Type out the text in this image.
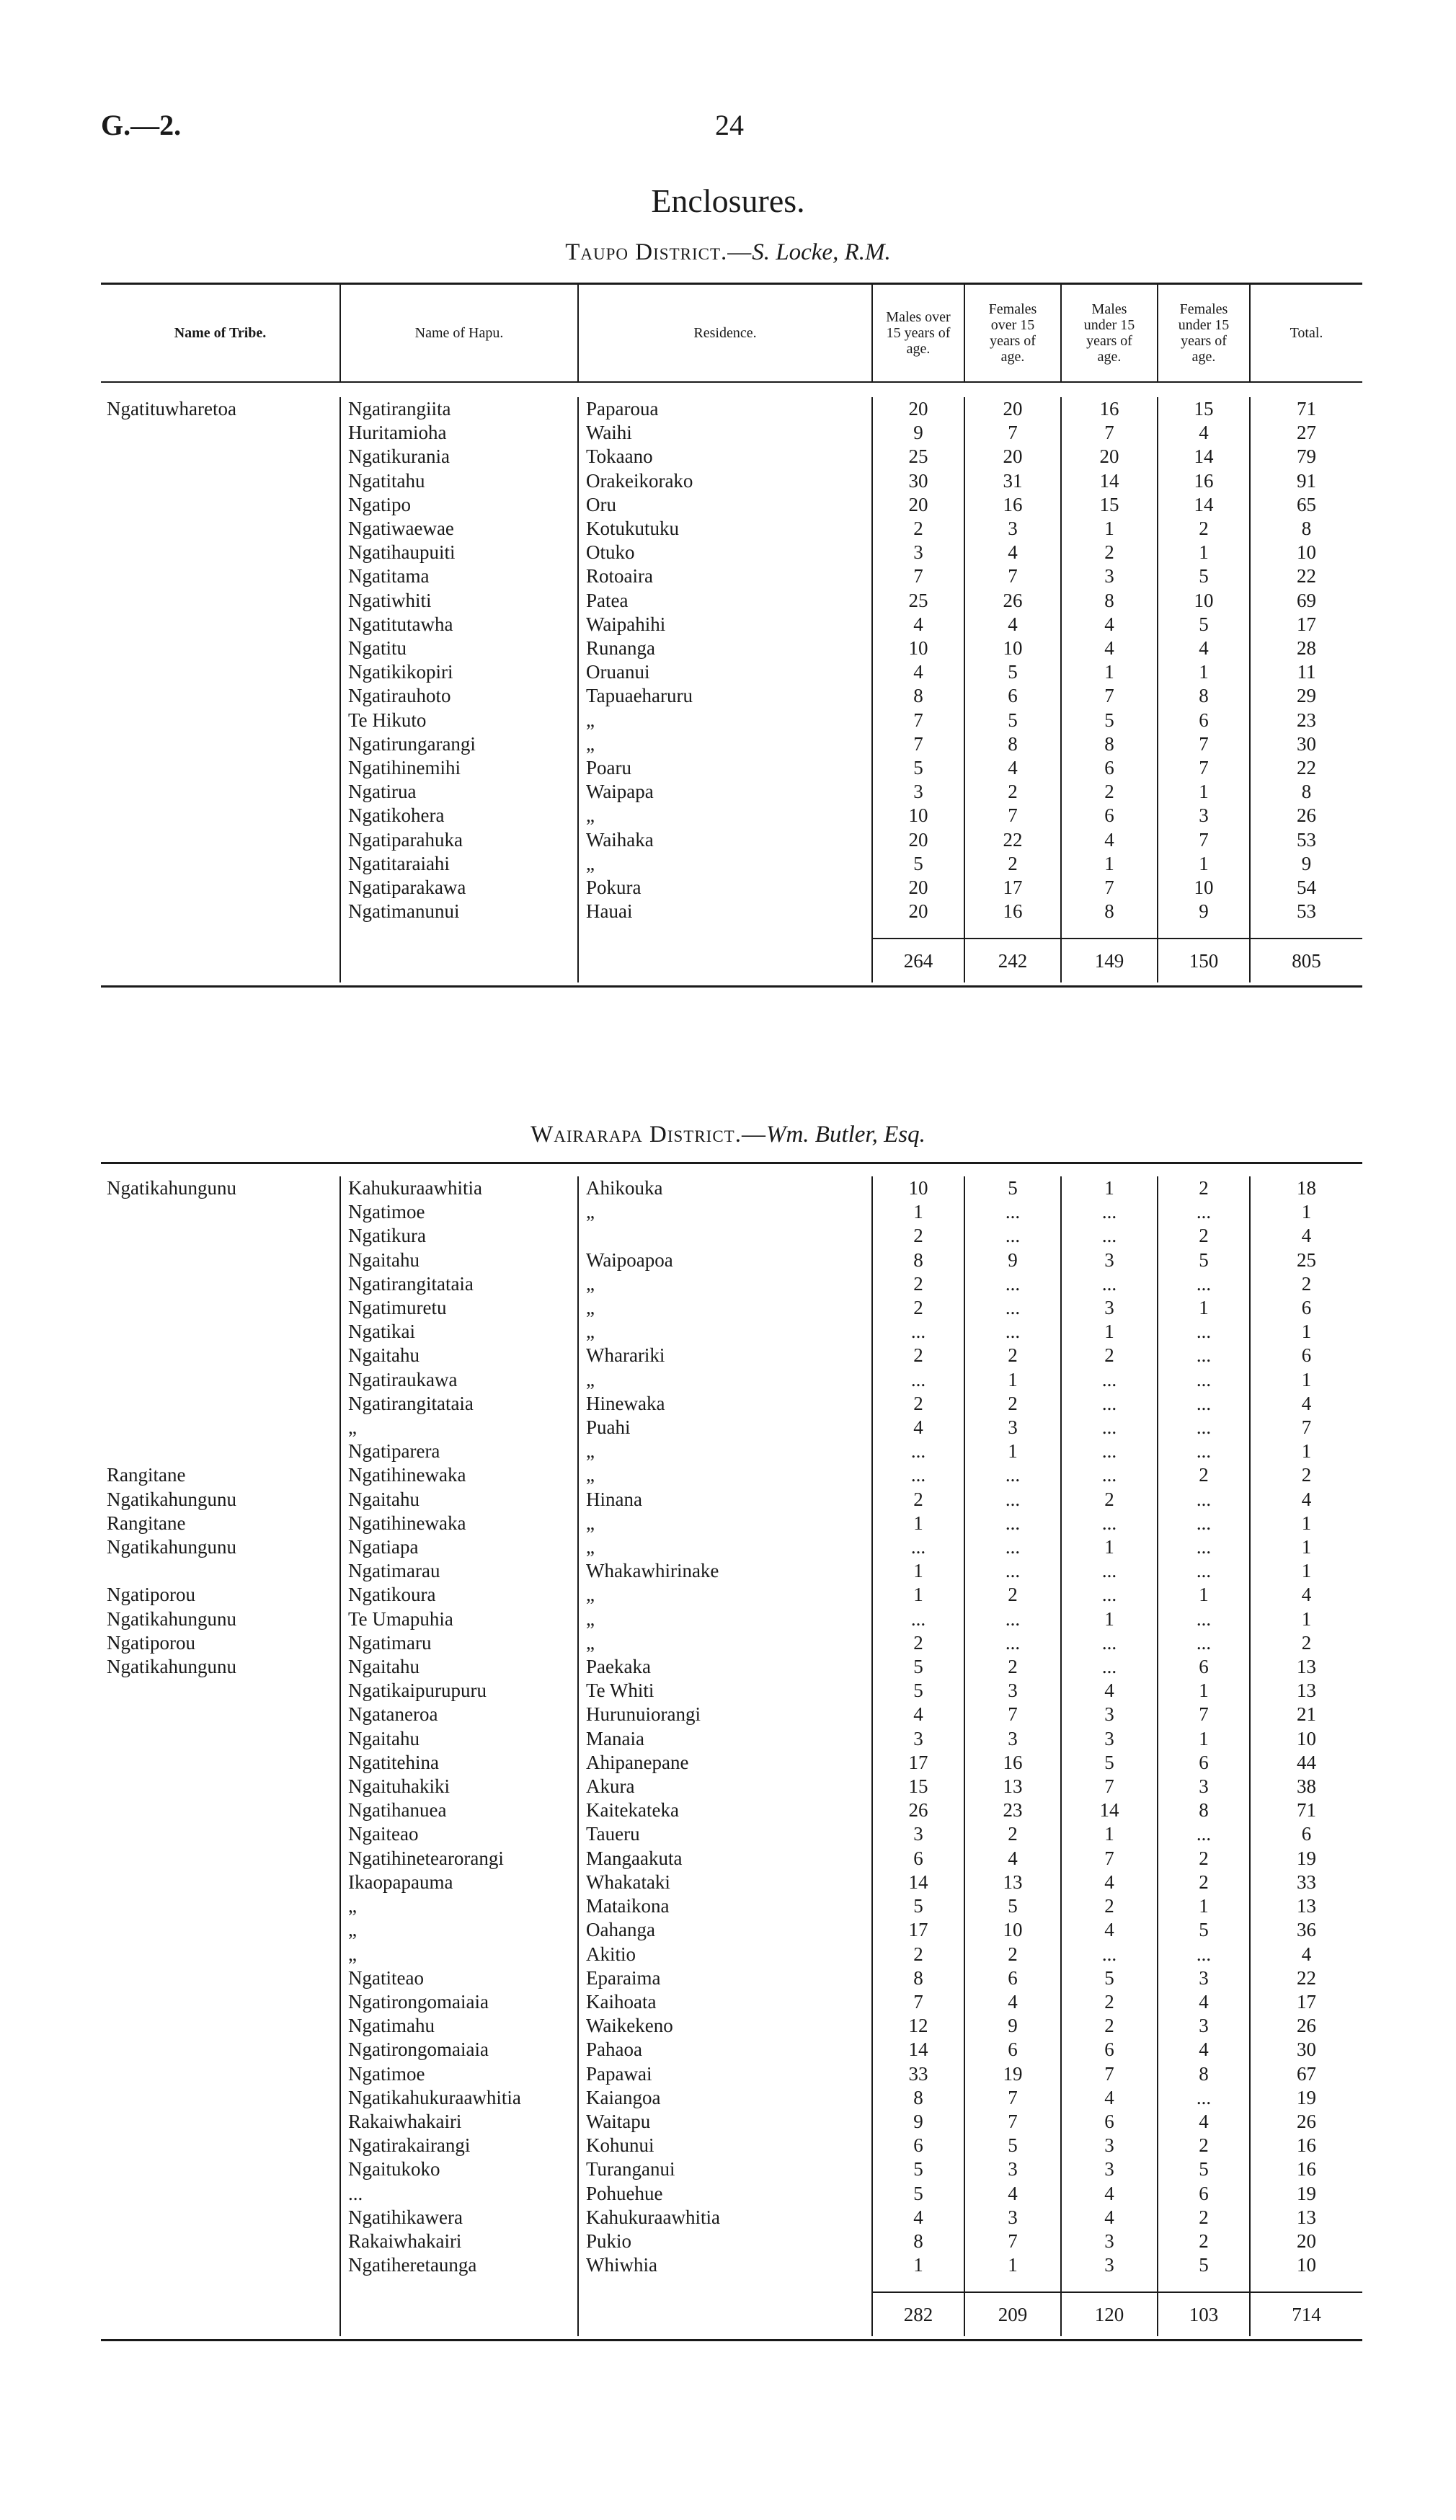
G.—2.	24
Enclosures.
Taupo District.—S. Locke, R.M.
Name of Tribe.	Name of Hapu.	Residence.	Males over 15 years of age.	Females over 15 years of age.	Males under 15 years of age.	Females under 15 years of age.	Total.

Ngatituwharetoa	Ngatirangiita	Paparoua	20	20	16	15	71
	Huritamioha	Waihi	9	7	7	4	27
	Ngatikurania	Tokaano	25	20	20	14	79
	Ngatitahu	Orakeikorako	30	31	14	16	91
	Ngatipo	Oru	20	16	15	14	65
	Ngatiwaewae	Kotukutuku	2	3	1	2	8
	Ngatihaupuiti	Otuko	3	4	2	1	10
	Ngatitama	Rotoaira	7	7	3	5	22
	Ngatiwhiti	Patea	25	26	8	10	69
	Ngatitutawha	Waipahihi	4	4	4	5	17
	Ngatitu	Runanga	10	10	4	4	28
	Ngatikikopiri	Oruanui	4	5	1	1	11
	Ngatirauhoto	Tapuaeharuru	8	6	7	8	29
	Te Hikuto	„	7	5	5	6	23
	Ngatirungarangi	„	7	8	8	7	30
	Ngatihinemihi	Poaru	5	4	6	7	22
	Ngatirua	Waipapa	3	2	2	1	8
	Ngatikohera	„	10	7	6	3	26
	Ngatiparahuka	Waihaka	20	22	4	7	53
	Ngatitaraiahi	„	5	2	1	1	9
	Ngatiparakawa	Pokura	20	17	7	10	54
	Ngatimanunui	Hauai	20	16	8	9	53

			264	242	149	150	805
Wairarapa District.—Wm. Butler, Esq.
Ngatikahungunu	Kahukuraawhitia	Ahikouka	10	5	1	2	18
	Ngatimoe	„	1	...	...	...	1
	Ngatikura		2	...	...	2	4
	Ngaitahu	Waipoapoa	8	9	3	5	25
	Ngatirangitataia	„	2	...	...	...	2
	Ngatimuretu	„	2	...	3	1	6
	Ngatikai	„	...	...	1	...	1
	Ngaitahu	Wharariki	2	2	2	...	6
	Ngatiraukawa	„	...	1	...	...	1
	Ngatirangitataia	Hinewaka	2	2	...	...	4
	„	Puahi	4	3	...	...	7
	Ngatiparera	„	...	1	...	...	1
Rangitane	Ngatihinewaka	„	...	...	...	2	2
Ngatikahungunu	Ngaitahu	Hinana	2	...	2	...	4
Rangitane	Ngatihinewaka	„	1	...	...	...	1
Ngatikahungunu	Ngatiapa	„	...	...	1	...	1
	Ngatimarau	Whakawhirinake	1	...	...	...	1
Ngatiporou	Ngatikoura	„	1	2	...	1	4
Ngatikahungunu	Te Umapuhia	„	...	...	1	...	1
Ngatiporou	Ngatimaru	„	2	...	...	...	2
Ngatikahungunu	Ngaitahu	Paekaka	5	2	...	6	13
	Ngatikaipurupuru	Te Whiti	5	3	4	1	13
	Ngataneroa	Hurunuiorangi	4	7	3	7	21
	Ngaitahu	Manaia	3	3	3	1	10
	Ngatitehina	Ahipanepane	17	16	5	6	44
	Ngaituhakiki	Akura	15	13	7	3	38
	Ngatihanuea	Kaitekateka	26	23	14	8	71
	Ngaiteao	Taueru	3	2	1	...	6
	Ngatihinetearorangi	Mangaakuta	6	4	7	2	19
	Ikaopapauma	Whakataki	14	13	4	2	33
	„	Mataikona	5	5	2	1	13
	„	Oahanga	17	10	4	5	36
	„	Akitio	2	2	...	...	4
	Ngatiteao	Eparaima	8	6	5	3	22
	Ngatirongomaiaia	Kaihoata	7	4	2	4	17
	Ngatimahu	Waikekeno	12	9	2	3	26
	Ngatirongomaiaia	Pahaoa	14	6	6	4	30
	Ngatimoe	Papawai	33	19	7	8	67
	Ngatikahukuraawhitia	Kaiangoa	8	7	4	...	19
	Rakaiwhakairi	Waitapu	9	7	6	4	26
	Ngatirakairangi	Kohunui	6	5	3	2	16
	Ngaitukoko	Turanganui	5	3	3	5	16
	...	Pohuehue	5	4	4	6	19
	Ngatihikawera	Kahukuraawhitia	4	3	4	2	13
	Rakaiwhakairi	Pukio	8	7	3	2	20
	Ngatiheretaunga	Whiwhia	1	1	3	5	10

			282	209	120	103	714
